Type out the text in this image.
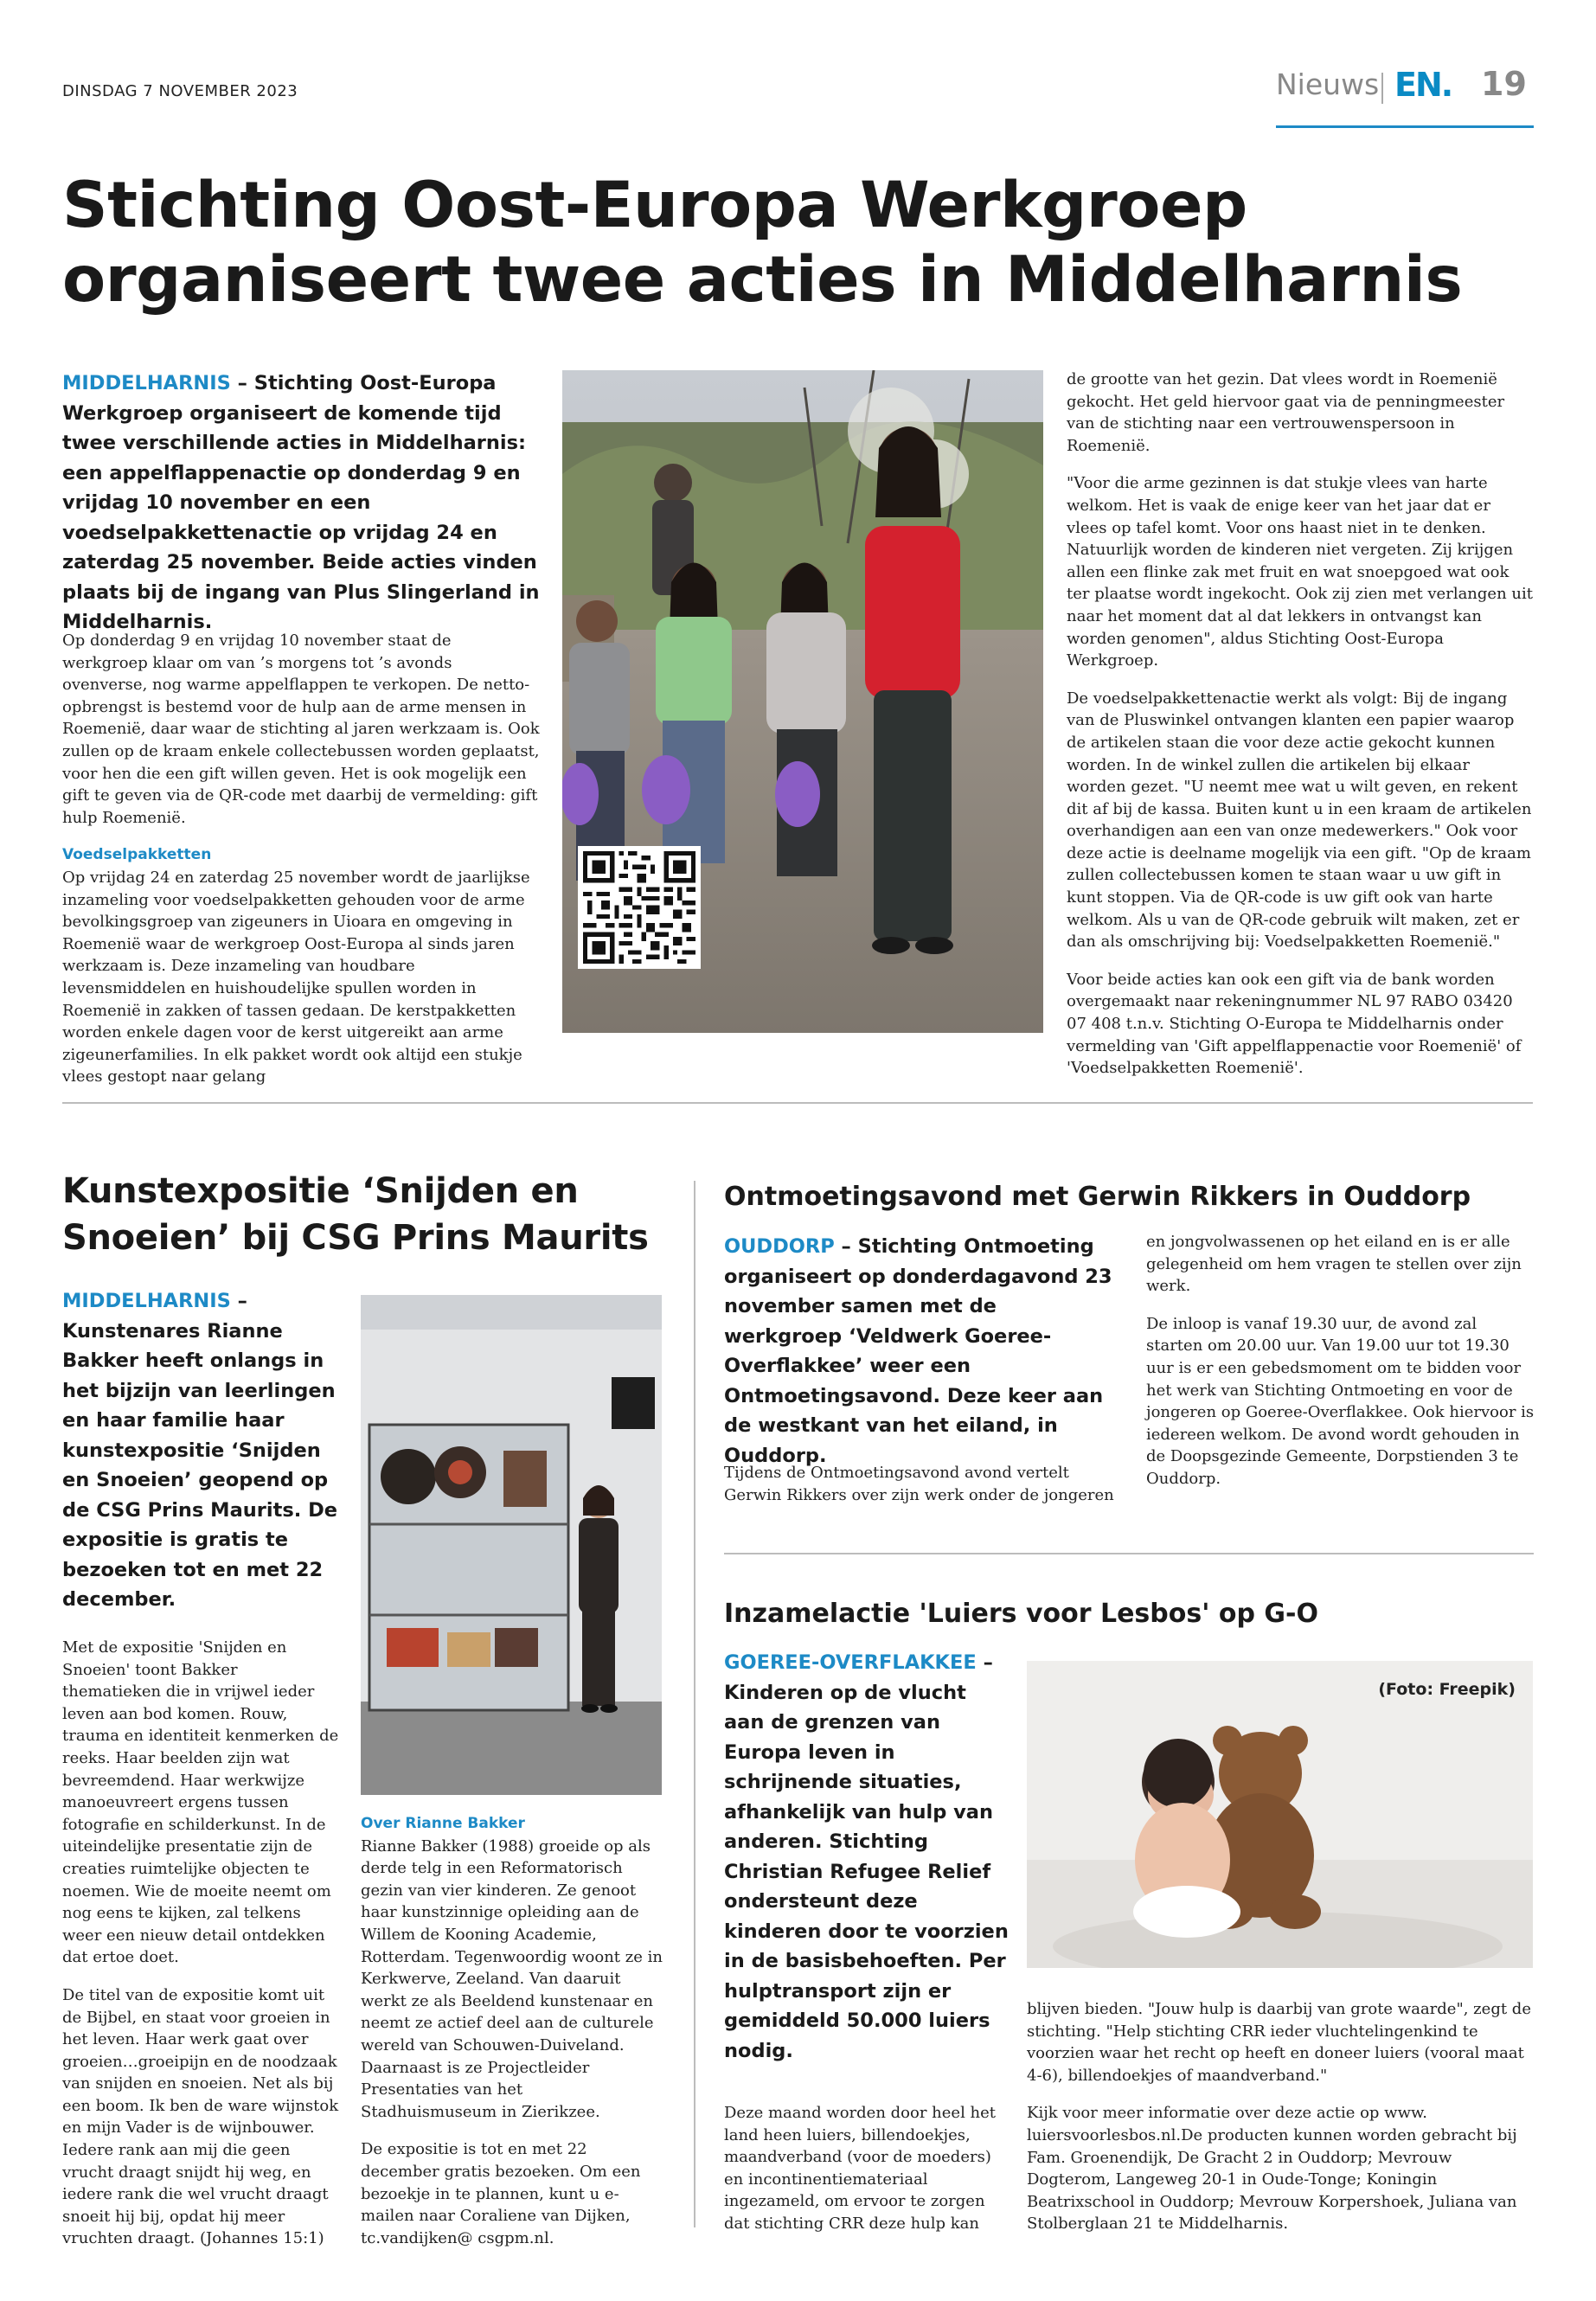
DINSDAG 7 NOVEMBER 2023	Nieuws EN. 19
Stichting Oost-Europa Werkgroep
organiseert twee acties in Middelharnis
MIDDELHARNIS – Stichting Oost-Europa Werkgroep organiseert de komende tijd twee verschillende acties in Middelharnis: een appelflappenactie op donderdag 9 en vrijdag 10 november en een voedselpakkettenactie op vrijdag 24 en zaterdag 25 november. Beide acties vinden plaats bij de ingang van Plus Slingerland in Middelharnis.

Op donderdag 9 en vrijdag 10 november staat de werkgroep klaar om van ’s morgens tot ’s avonds ovenverse, nog warme appelflappen te verkopen. De netto-opbrengst is bestemd voor de hulp aan de arme mensen in Roemenië, daar waar de stichting al jaren werkzaam is. Ook zullen op de kraam enkele collectebussen worden geplaatst, voor hen die een gift willen geven. Het is ook mogelijk een gift te geven via de QR-code met daarbij de vermelding: gift hulp Roemenië.

Voedselpakketten

Op vrijdag 24 en zaterdag 25 november wordt de jaarlijkse inzameling voor voedselpakketten gehouden voor de arme bevolkingsgroep van zigeuners in Uioara en omgeving in Roemenië waar de werkgroep Oost-Europa al sinds jaren werkzaam is. Deze inzameling van houdbare levensmiddelen en huishoudelijke spullen worden in Roemenië in zakken of tassen gedaan. De kerstpakketten worden enkele dagen voor de kerst uitgereikt aan arme zigeunerfamilies. In elk pakket wordt ook altijd een stukje vlees gestopt naar gelang

de grootte van het gezin. Dat vlees wordt in Roemenië gekocht. Het geld hiervoor gaat via de penningmeester van de stichting naar een vertrouwenspersoon in Roemenië.

"Voor die arme gezinnen is dat stukje vlees van harte welkom. Het is vaak de enige keer van het jaar dat er vlees op tafel komt. Voor ons haast niet in te denken. Natuurlijk worden de kinderen niet vergeten. Zij krijgen allen een flinke zak met fruit en wat snoepgoed wat ook ter plaatse wordt ingekocht. Ook zij zien met verlangen uit naar het moment dat al dat lekkers in ontvangst kan worden genomen", aldus Stichting Oost-Europa Werkgroep.

De voedselpakkettenactie werkt als volgt: Bij de ingang van de Pluswinkel ontvangen klanten een papier waarop de artikelen staan die voor deze actie gekocht kunnen worden. In de winkel zullen die artikelen bij elkaar worden gezet. "U neemt mee wat u wilt geven, en rekent dit af bij de kassa. Buiten kunt u in een kraam de artikelen overhandigen aan een van onze medewerkers." Ook voor deze actie is deelname mogelijk via een gift. "Op de kraam zullen collectebussen komen te staan waar u uw gift in kunt stoppen. Via de QR-code is uw gift ook van harte welkom. Als u van de QR-code gebruik wilt maken, zet er dan als omschrijving bij: Voedselpakketten Roemenië."

Voor beide acties kan ook een gift via de bank worden overgemaakt naar rekeningnummer NL 97 RABO 03420 07 408 t.n.v. Stichting O-Europa te Middelharnis onder vermelding van 'Gift appelflappenactie voor Roemenië' of 'Voedselpakketten Roemenië'.

Kunstexpositie ‘Snijden en
Snoeien’ bij CSG Prins Maurits
MIDDELHARNIS – Kunstenares Rianne Bakker heeft onlangs in het bijzijn van leerlingen en haar familie haar kunstexpositie ‘Snijden en Snoeien’ geopend op de CSG Prins Maurits. De expositie is gratis te bezoeken tot en met 22 december.

Met de expositie 'Snijden en Snoeien' toont Bakker thematieken die in vrijwel ieder leven aan bod komen. Rouw, trauma en identiteit kenmerken de reeks. Haar beelden zijn wat bevreemdend. Haar werkwijze manoeuvreert ergens tussen fotografie en schilderkunst. In de uiteindelijke presentatie zijn de creaties ruimtelijke objecten te noemen. Wie de moeite neemt om nog eens te kijken, zal telkens weer een nieuw detail ontdekken dat ertoe doet.

De titel van de expositie komt uit de Bijbel, en staat voor groeien in het leven. Haar werk gaat over groeien…groeipijn en de noodzaak van snijden en snoeien. Net als bij een boom. Ik ben de ware wijnstok en mijn Vader is de wijnbouwer. Iedere rank aan mij die geen vrucht draagt snijdt hij weg, en iedere rank die wel vrucht draagt snoeit hij bij, opdat hij meer vruchten draagt. (Johannes 15:1)

Over Rianne Bakker

Rianne Bakker (1988) groeide op als derde telg in een Reformatorisch gezin van vier kinderen. Ze genoot haar kunstzinnige opleiding aan de Willem de Kooning Academie, Rotterdam. Tegenwoordig woont ze in Kerkwerve, Zeeland. Van daaruit werkt ze als Beeldend kunstenaar en neemt ze actief deel aan de culturele wereld van Schouwen-Duiveland. Daarnaast is ze Projectleider Presentaties van het Stadhuismuseum in Zierikzee.

De expositie is tot en met 22 december gratis bezoeken. Om een bezoekje in te plannen, kunt u e-mailen naar Coraliene van Dijken, tc.vandijken@ csgpm.nl.

Ontmoetingsavond met Gerwin Rikkers in Ouddorp
OUDDORP – Stichting Ontmoeting organiseert op donderdagavond 23 november samen met de werkgroep ‘Veldwerk Goeree-Overflakkee’ weer een Ontmoetingsavond. Deze keer aan de westkant van het eiland, in Ouddorp.

Tijdens de Ontmoetingsavond avond vertelt Gerwin Rikkers over zijn werk onder de jongeren

en jongvolwassenen op het eiland en is er alle gelegenheid om hem vragen te stellen over zijn werk.

De inloop is vanaf 19.30 uur, de avond zal starten om 20.00 uur. Van 19.00 uur tot 19.30 uur is er een gebedsmoment om te bidden voor het werk van Stichting Ontmoeting en voor de jongeren op Goeree-Overflakkee. Ook hiervoor is iedereen welkom. De avond wordt gehouden in de Doopsgezinde Gemeente, Dorpstienden 3 te Ouddorp.

Inzamelactie 'Luiers voor Lesbos' op G-O
GOEREE-OVERFLAKKEE – Kinderen op de vlucht aan de grenzen van Europa leven in schrijnende situaties, afhankelijk van hulp van anderen. Stichting Christian Refugee Relief ondersteunt deze kinderen door te voorzien in de basisbehoeften. Per hulptransport zijn er gemiddeld 50.000 luiers nodig.

Deze maand worden door heel het land heen luiers, billendoekjes, maandverband (voor de moeders) en incontinentiemateriaal ingezameld, om ervoor te zorgen dat stichting CRR deze hulp kan

(Foto: Freepik)

blijven bieden. "Jouw hulp is daarbij van grote waarde", zegt de stichting. "Help stichting CRR ieder vluchtelingenkind te voorzien waar het recht op heeft en doneer luiers (vooral maat 4-6), billendoekjes of maandverband."

Kijk voor meer informatie over deze actie op www. luiersvoorlesbos.nl.De producten kunnen worden gebracht bij Fam. Groenendijk, De Gracht 2 in Ouddorp; Mevrouw Dogterom, Langeweg 20-1 in Oude-Tonge; Koningin Beatrixschool in Ouddorp; Mevrouw Korpershoek, Juliana van Stolberglaan 21 te Middelharnis.
